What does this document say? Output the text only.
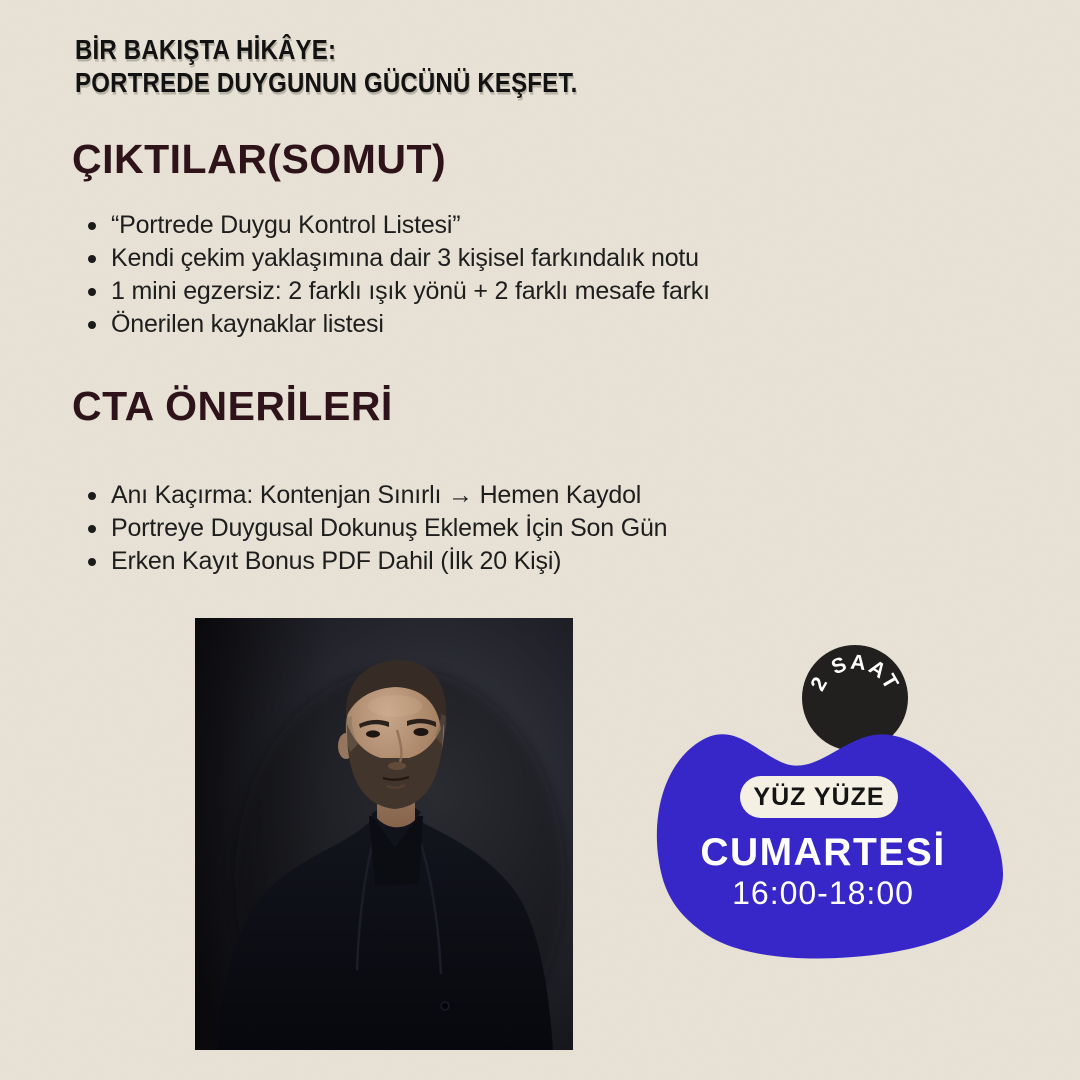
BİR BAKIŞTA HİKÂYE:
PORTREDE DUYGUNUN GÜCÜNÜ KEŞFET.
ÇIKTILAR(SOMUT)
“Portrede Duygu Kontrol Listesi”
Kendi çekim yaklaşımına dair 3 kişisel farkındalık notu
1 mini egzersiz: 2 farklı ışık yönü + 2 farklı mesafe farkı
Önerilen kaynaklar listesi
CTA ÖNERİLERİ
Anı Kaçırma: Kontenjan Sınırlı → Hemen Kaydol
Portreye Duygusal Dokunuş Eklemek İçin Son Gün
Erken Kayıt Bonus PDF Dahil (İlk 20 Kişi)
2 SAAT
YÜZ YÜZE
CUMARTESİ
16:00-18:00
